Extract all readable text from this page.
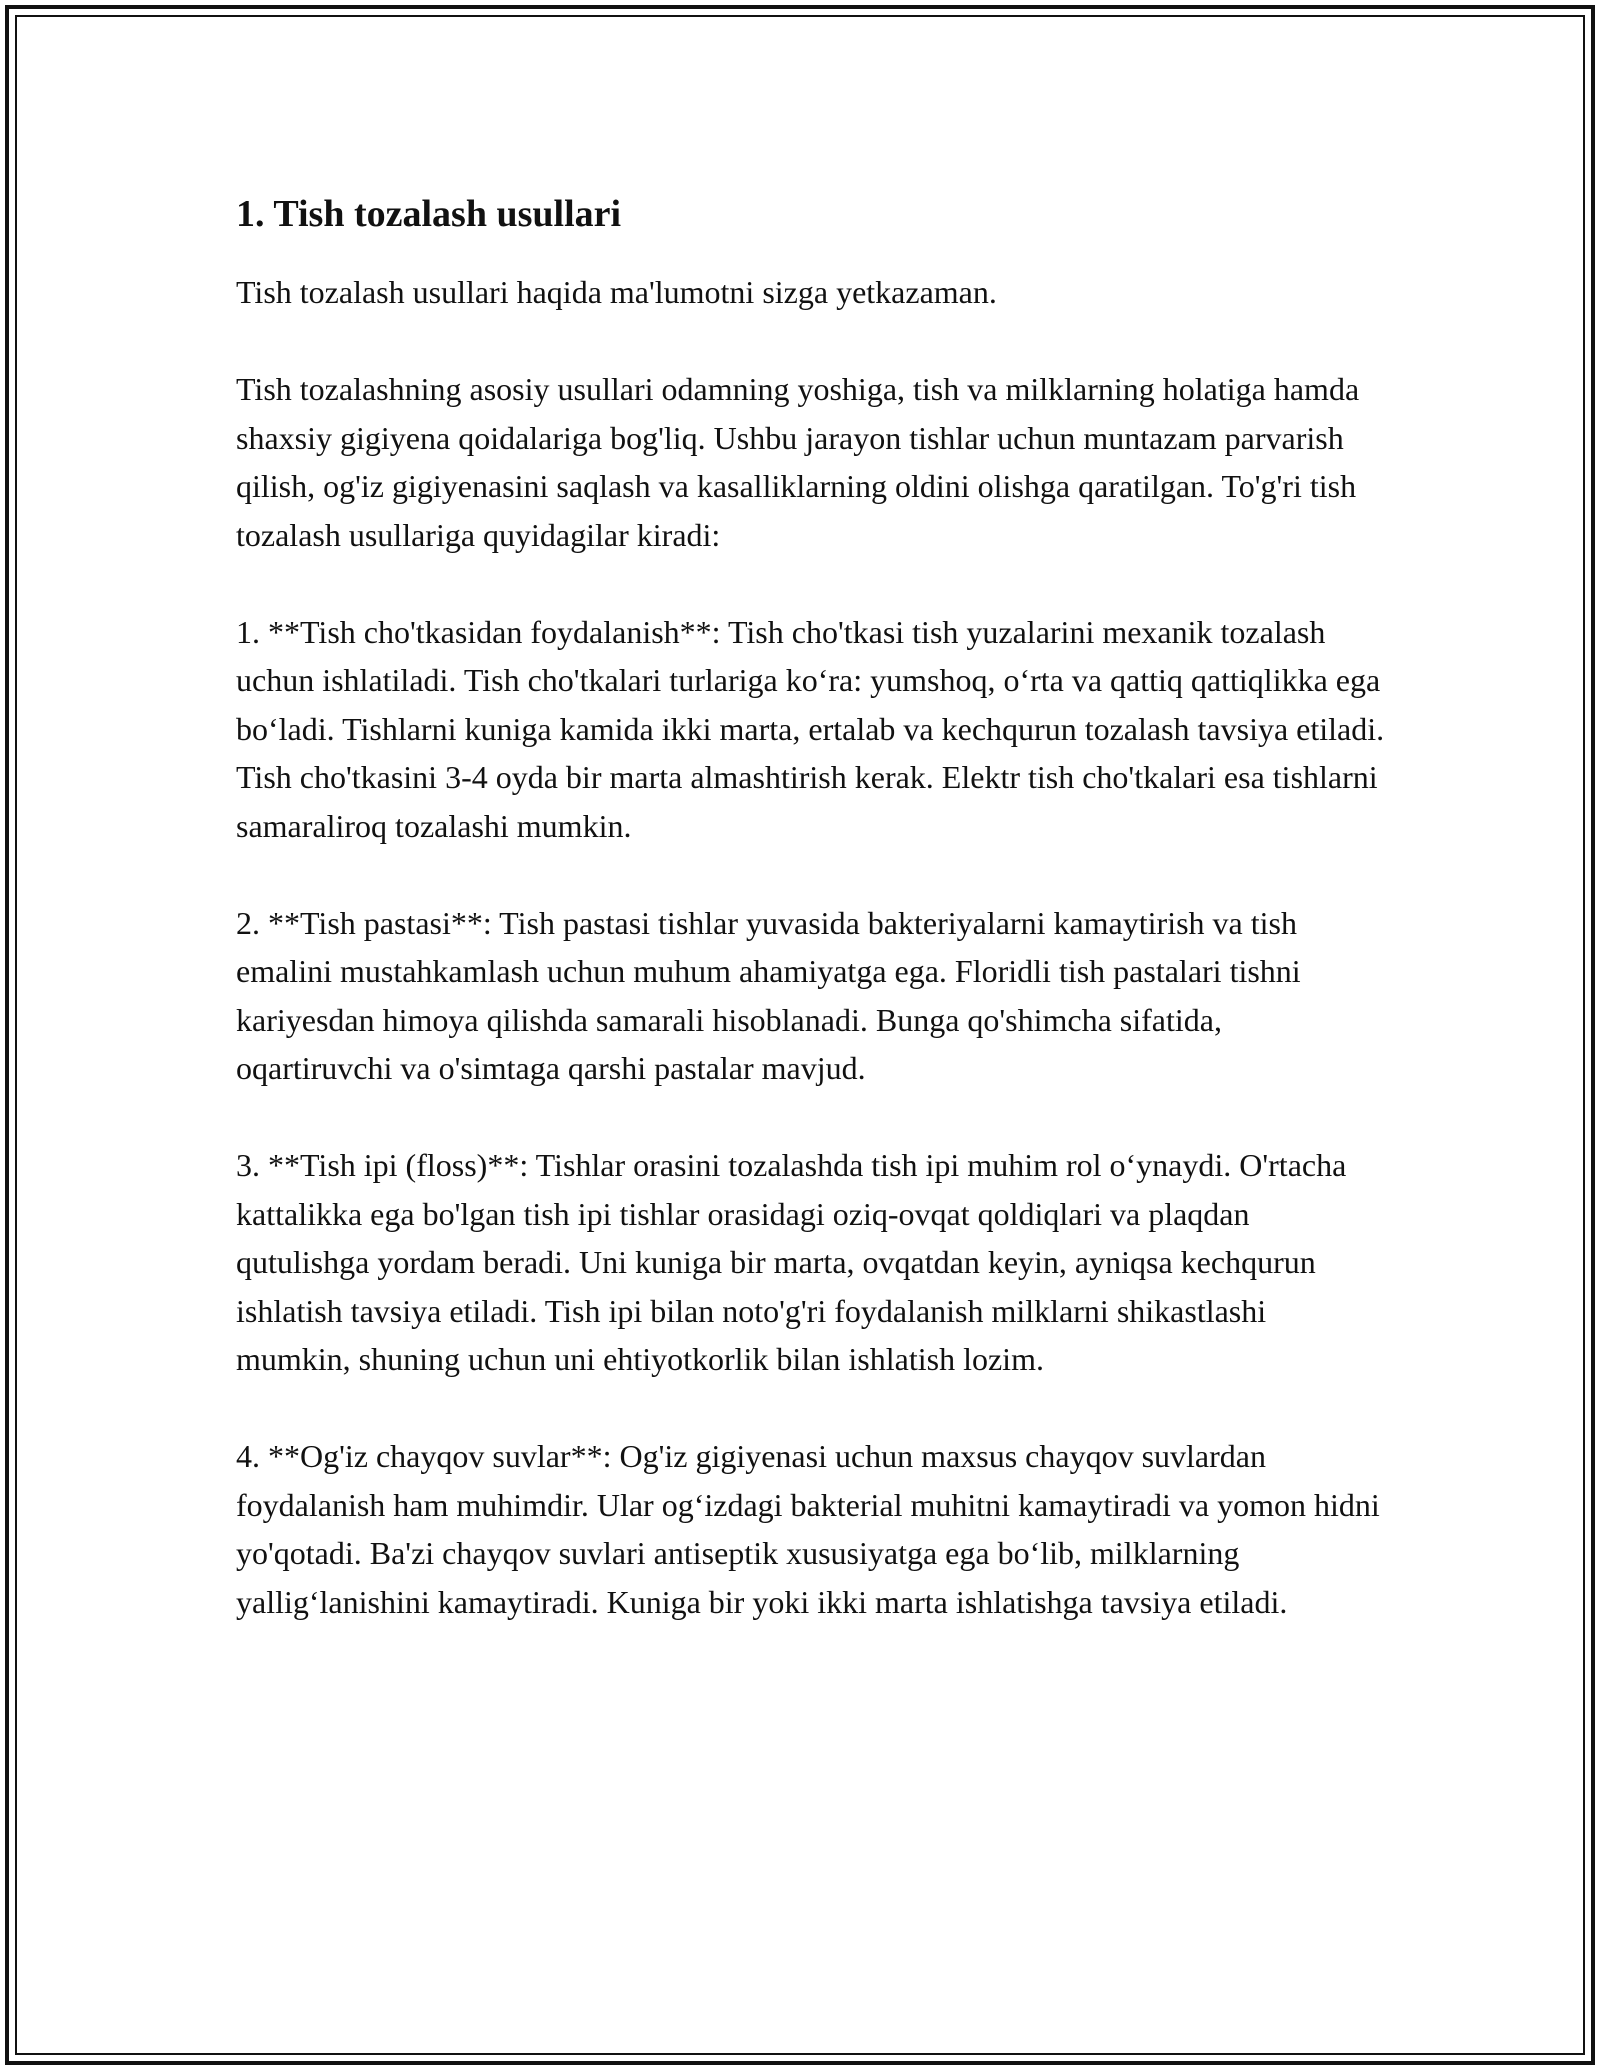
1. Tish tozalash usullari

Tish tozalash usullari haqida ma'lumotni sizga yetkazaman.

Tish tozalashning asosiy usullari odamning yoshiga, tish va milklarning holatiga hamda shaxsiy gigiyena qoidalariga bog'liq. Ushbu jarayon tishlar uchun muntazam parvarish qilish, og'iz gigiyenasini saqlash va kasalliklarning oldini olishga qaratilgan. To'g'ri tish tozalash usullariga quyidagilar kiradi:

1. **Tish cho'tkasidan foydalanish**: Tish cho'tkasi tish yuzalarini mexanik tozalash uchun ishlatiladi. Tish cho'tkalari turlariga koʻra: yumshoq, oʻrta va qattiq qattiqlikka ega boʻladi. Tishlarni kuniga kamida ikki marta, ertalab va kechqurun tozalash tavsiya etiladi. Tish cho'tkasini 3-4 oyda bir marta almashtirish kerak. Elektr tish cho'tkalari esa tishlarni samaraliroq tozalashi mumkin.

2. **Tish pastasi**: Tish pastasi tishlar yuvasida bakteriyalarni kamaytirish va tish emalini mustahkamlash uchun muhum ahamiyatga ega. Floridli tish pastalari tishni kariyesdan himoya qilishda samarali hisoblanadi. Bunga qo'shimcha sifatida, oqartiruvchi va o'simtaga qarshi pastalar mavjud.

3. **Tish ipi (floss)**: Tishlar orasini tozalashda tish ipi muhim rol oʻynaydi. O'rtacha kattalikka ega bo'lgan tish ipi tishlar orasidagi oziq-ovqat qoldiqlari va plaqdan qutulishga yordam beradi. Uni kuniga bir marta, ovqatdan keyin, ayniqsa kechqurun ishlatish tavsiya etiladi. Tish ipi bilan noto'g'ri foydalanish milklarni shikastlashi mumkin, shuning uchun uni ehtiyotkorlik bilan ishlatish lozim.

4. **Og'iz chayqov suvlar**: Og'iz gigiyenasi uchun maxsus chayqov suvlardan foydalanish ham muhimdir. Ular ogʻizdagi bakterial muhitni kamaytiradi va yomon hidni yo'qotadi. Ba'zi chayqov suvlari antiseptik xususiyatga ega boʻlib, milklarning yalligʻlanishini kamaytiradi. Kuniga bir yoki ikki marta ishlatishga tavsiya etiladi.
